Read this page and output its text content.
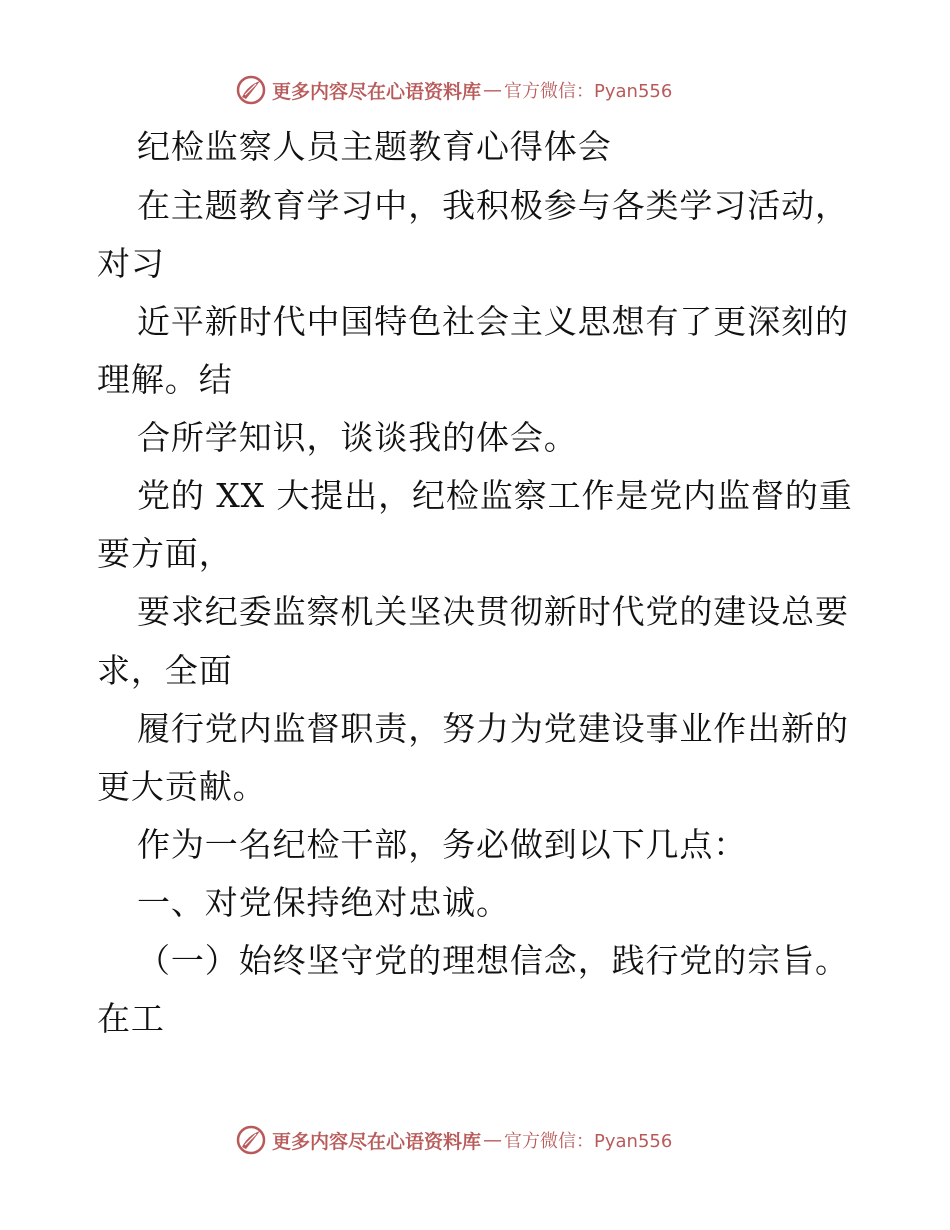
更多内容尽在心语资料库 — 官方微信：Pyan556
纪检监察人员主题教育心得体会
在主题教育学习中，我积极参与各类学习活动，
对习
近平新时代中国特色社会主义思想有了更深刻的
理解。结
合所学知识，谈谈我的体会。
党的 XX 大提出，纪检监察工作是党内监督的重
要方面，
要求纪委监察机关坚决贯彻新时代党的建设总要
求，全面
履行党内监督职责，努力为党建设事业作出新的
更大贡献。
作为一名纪检干部，务必做到以下几点：
一、对党保持绝对忠诚。
（一）始终坚守党的理想信念，践行党的宗旨。
在工
更多内容尽在心语资料库 — 官方微信：Pyan556
